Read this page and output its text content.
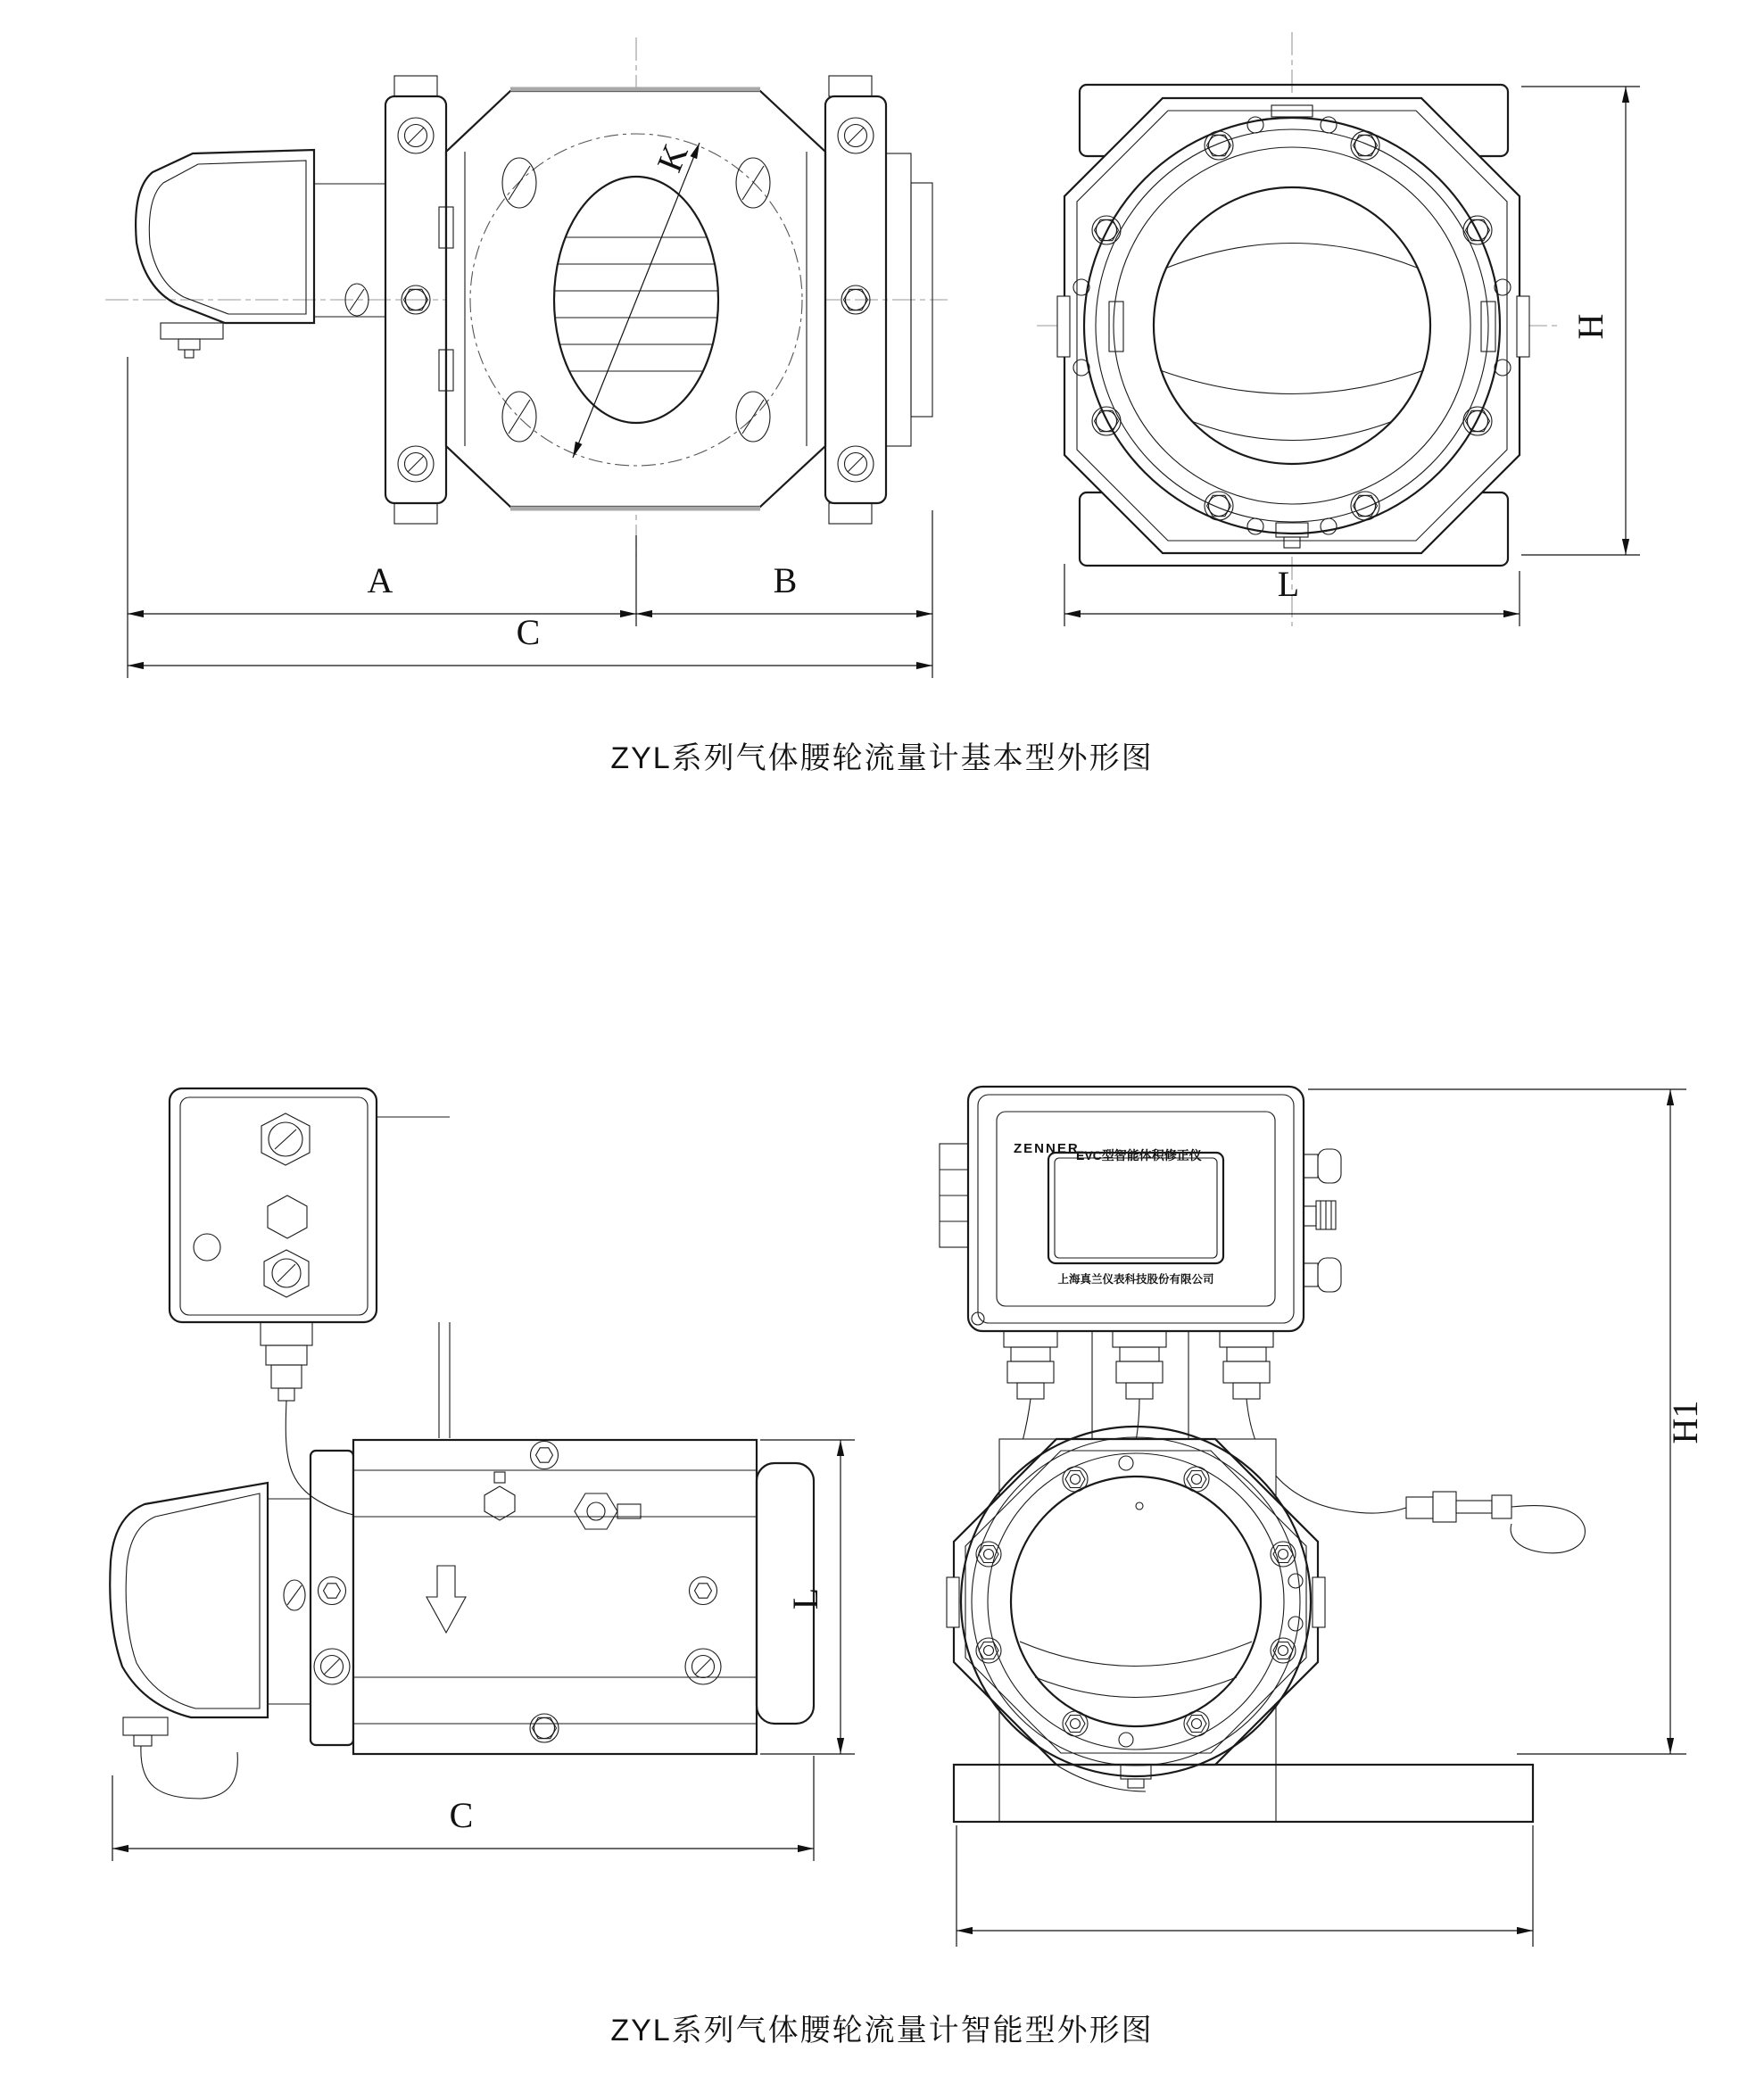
K
A	B
C
H
L
L
C
ZENNER
EVC型智能体积修正仪
上海真兰仪表科技股份有限公司
H1
ZYL系列气体腰轮流量计基本型外形图
ZYL系列气体腰轮流量计智能型外形图
